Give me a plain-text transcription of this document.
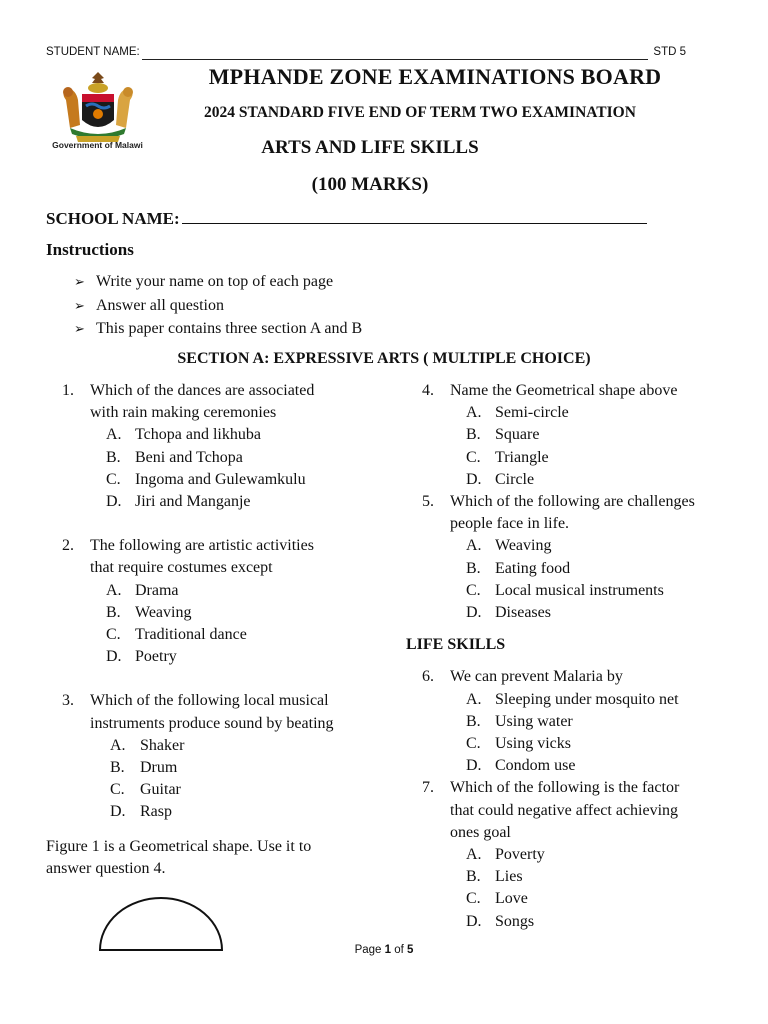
STUDENT NAME:	STD 5
Government of Malawi
MPHANDE ZONE EXAMINATIONS BOARD
2024 STANDARD FIVE END OF TERM TWO EXAMINATION
ARTS AND LIFE SKILLS
(100 MARKS)
SCHOOL NAME:
Instructions
➢ Write your name on top of each page
➢ Answer all question
➢ This paper contains three section A and B
SECTION A: EXPRESSIVE ARTS ( MULTIPLE CHOICE)
1. Which of the dances are associated
with rain making ceremonies
A. Tchopa and likhuba
B. Beni and Tchopa
C. Ingoma and Gulewamkulu
D. Jiri and Manganje
2. The following are artistic activities
that require costumes except
A. Drama
B. Weaving
C. Traditional dance
D. Poetry
3. Which of the following local musical
instruments produce sound by beating
A. Shaker
B. Drum
C. Guitar
D. Rasp
Figure 1 is a Geometrical shape. Use it to
answer question 4.
4. Name the Geometrical shape above
A. Semi-circle
B. Square
C. Triangle
D. Circle
5. Which of the following are challenges
people face in life.
A. Weaving
B. Eating food
C. Local musical instruments
D. Diseases
LIFE SKILLS
6. We can prevent Malaria by
A. Sleeping under mosquito net
B. Using water
C. Using vicks
D. Condom use
7. Which of the following is the factor
that could negative affect achieving
ones goal
A. Poverty
B. Lies
C. Love
D. Songs
Page 1 of 5
